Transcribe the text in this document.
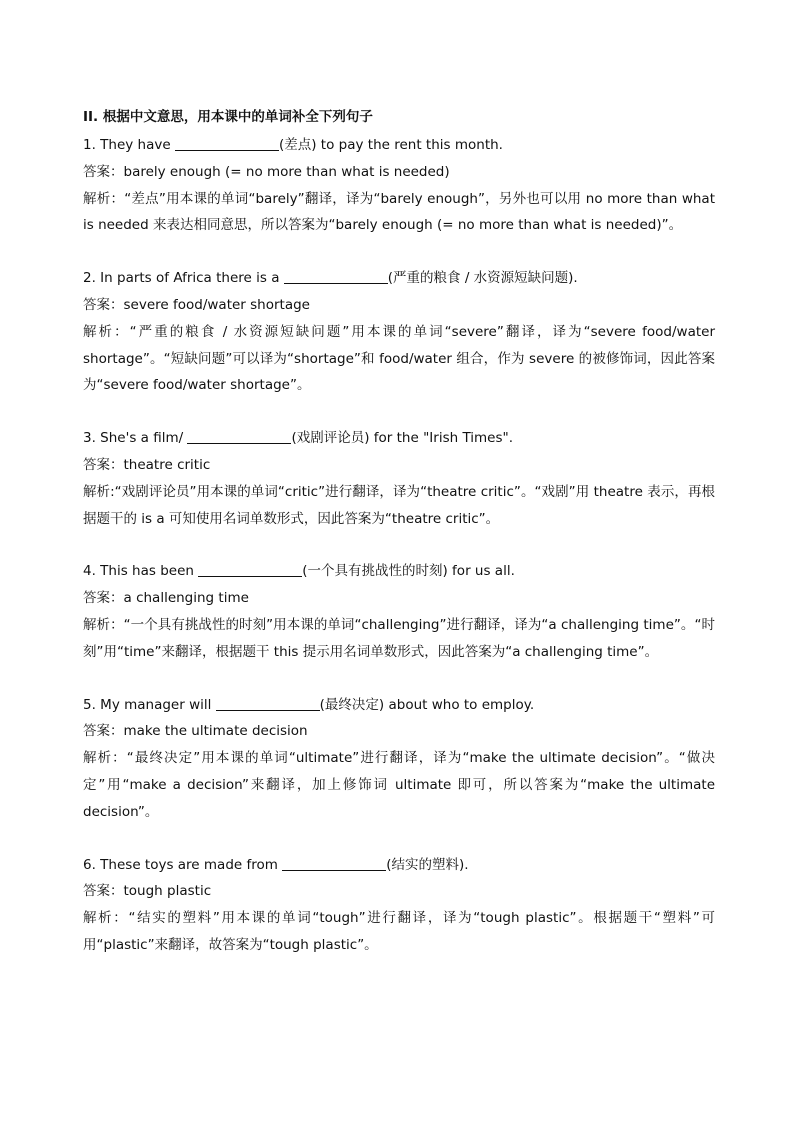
II. 根据中文意思，用本课中的单词补全下列句子
1. They have	(差点) to pay the rent this month.
答案：barely enough (= no more than what is needed)
解析：“差点”用本课的单词“barely”翻译，译为“barely enough”，另外也可以用 no more than what is needed 来表达相同意思，所以答案为“barely enough (= no more than what is needed)”。
2. In parts of Africa there is a	(严重的粮食 / 水资源短缺问题).
答案：severe food/water shortage
解析：“严重的粮食 / 水资源短缺问题”用本课的单词“severe”翻译，译为“severe food/water shortage”。“短缺问题”可以译为“shortage”和 food/water 组合，作为 severe 的被修饰词，因此答案为“severe food/water shortage”。
3. She's a film/	(戏剧评论员) for the "Irish Times".
答案：theatre critic
解析:“戏剧评论员”用本课的单词“critic”进行翻译，译为“theatre critic”。“戏剧”用 theatre 表示，再根据题干的 is a 可知使用名词单数形式，因此答案为“theatre critic”。
4. This has been	(一个具有挑战性的时刻) for us all.
答案：a challenging time
解析：“一个具有挑战性的时刻”用本课的单词“challenging”进行翻译，译为“a challenging time”。“时刻”用“time”来翻译，根据题干 this 提示用名词单数形式，因此答案为“a challenging time”。
5. My manager will	(最终决定) about who to employ.
答案：make the ultimate decision
解析：“最终决定”用本课的单词“ultimate”进行翻译，译为“make the ultimate decision”。“做决定”用“make a decision”来翻译，加上修饰词 ultimate 即可，所以答案为“make the ultimate decision”。
6. These toys are made from	(结实的塑料).
答案：tough plastic
解析：“结实的塑料”用本课的单词“tough”进行翻译，译为“tough plastic”。根据题干“塑料”可用“plastic”来翻译，故答案为“tough plastic”。
